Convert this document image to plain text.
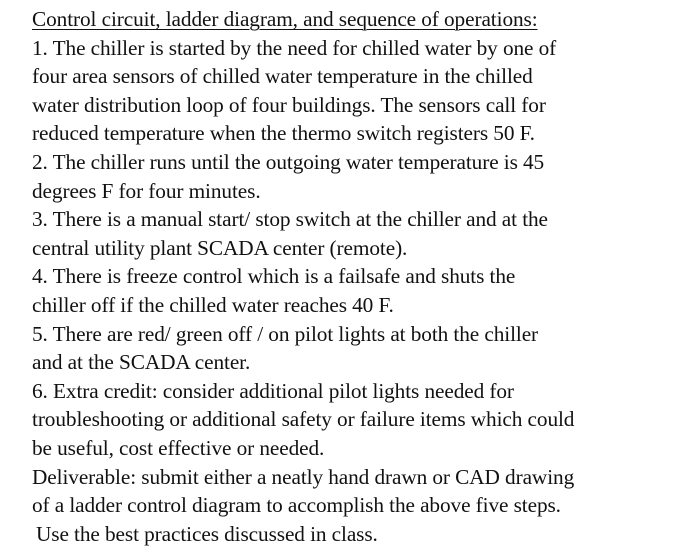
Control circuit, ladder diagram, and sequence of operations:
1. The chiller is started by the need for chilled water by one of
four area sensors of chilled water temperature in the chilled
water distribution loop of four buildings. The sensors call for
reduced temperature when the thermo switch registers 50 F.
2. The chiller runs until the outgoing water temperature is 45
degrees F for four minutes.
3. There is a manual start/ stop switch at the chiller and at the
central utility plant SCADA center (remote).
4. There is freeze control which is a failsafe and shuts the
chiller off if the chilled water reaches 40 F.
5. There are red/ green off / on pilot lights at both the chiller
and at the SCADA center.
6. Extra credit: consider additional pilot lights needed for
troubleshooting or additional safety or failure items which could
be useful, cost effective or needed.
Deliverable: submit either a neatly hand drawn or CAD drawing
of a ladder control diagram to accomplish the above five steps.
Use the best practices discussed in class.
